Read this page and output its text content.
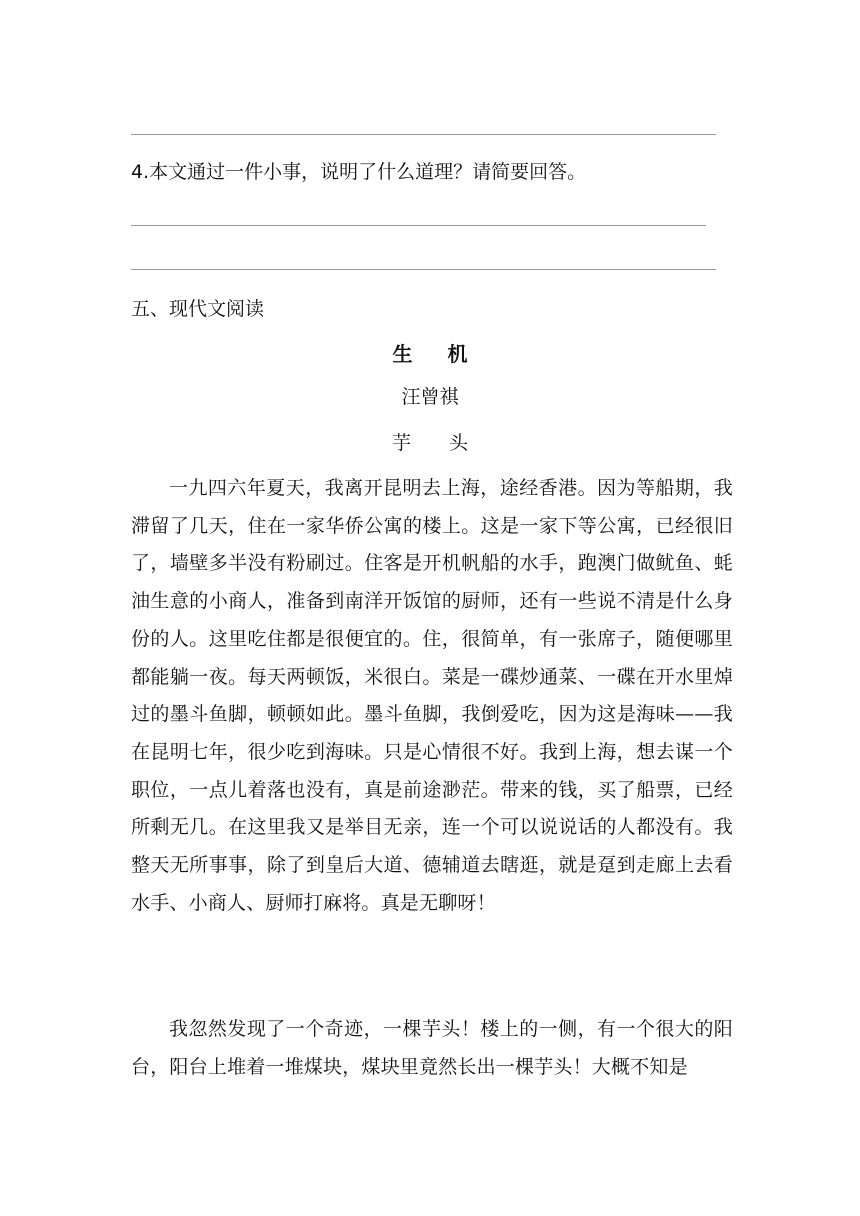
4.本文通过一件小事，说明了什么道理？请简要回答。
五、现代文阅读
生 机
汪曾祺
芋 头
一九四六年夏天，我离开昆明去上海，途经香港。因为等船期，我滞留了几天，住在一家华侨公寓的楼上。这是一家下等公寓，已经很旧了，墙壁多半没有粉刷过。住客是开机帆船的水手，跑澳门做鱿鱼、蚝油生意的小商人，准备到南洋开饭馆的厨师，还有一些说不清是什么身份的人。这里吃住都是很便宜的。住，很简单，有一张席子，随便哪里都能躺一夜。每天两顿饭，米很白。菜是一碟炒通菜、一碟在开水里焯过的墨斗鱼脚，顿顿如此。墨斗鱼脚，我倒爱吃，因为这是海味——我在昆明七年，很少吃到海味。只是心情很不好。我到上海，想去谋一个职位，一点儿着落也没有，真是前途渺茫。带来的钱，买了船票，已经所剩无几。在这里我又是举目无亲，连一个可以说说话的人都没有。我整天无所事事，除了到皇后大道、德辅道去瞎逛，就是趸到走廊上去看水手、小商人、厨师打麻将。真是无聊呀！
我忽然发现了一个奇迹，一棵芋头！楼上的一侧，有一个很大的阳台，阳台上堆着一堆煤块，煤块里竟然长出一棵芋头！大概不知是
